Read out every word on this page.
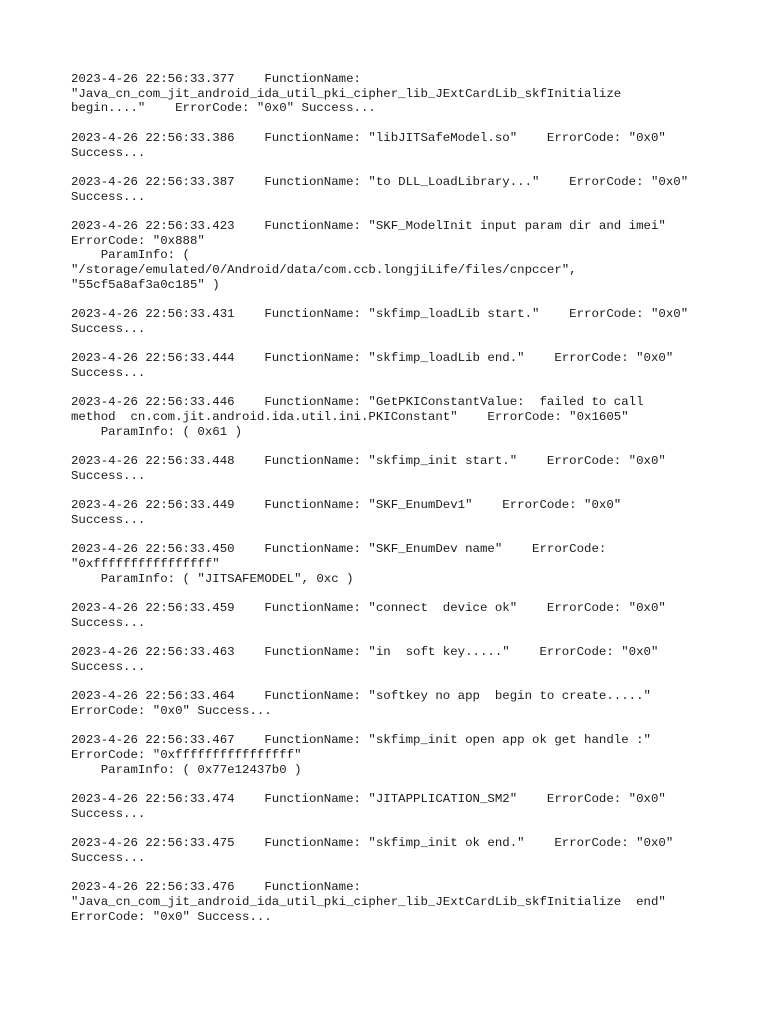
2023-4-26 22:56:33.377    FunctionName:
"Java_cn_com_jit_android_ida_util_pki_cipher_lib_JExtCardLib_skfInitialize
begin...."    ErrorCode: "0x0" Success...
2023-4-26 22:56:33.386    FunctionName: "libJITSafeModel.so"    ErrorCode: "0x0"
Success...
2023-4-26 22:56:33.387    FunctionName: "to DLL_LoadLibrary..."    ErrorCode: "0x0"
Success...
2023-4-26 22:56:33.423    FunctionName: "SKF_ModelInit input param dir and imei"
ErrorCode: "0x888"
ParamInfo: (
"/storage/emulated/0/Android/data/com.ccb.longjiLife/files/cnpccer",
"55cf5a8af3a0c185" )
2023-4-26 22:56:33.431    FunctionName: "skfimp_loadLib start."    ErrorCode: "0x0"
Success...
2023-4-26 22:56:33.444    FunctionName: "skfimp_loadLib end."    ErrorCode: "0x0"
Success...
2023-4-26 22:56:33.446    FunctionName: "GetPKIConstantValue:  failed to call
method  cn.com.jit.android.ida.util.ini.PKIConstant"    ErrorCode: "0x1605"
ParamInfo: ( 0x61 )
2023-4-26 22:56:33.448    FunctionName: "skfimp_init start."    ErrorCode: "0x0"
Success...
2023-4-26 22:56:33.449    FunctionName: "SKF_EnumDev1"    ErrorCode: "0x0"
Success...
2023-4-26 22:56:33.450    FunctionName: "SKF_EnumDev name"    ErrorCode:
"0xffffffffffffffff"
ParamInfo: ( "JITSAFEMODEL", 0xc )
2023-4-26 22:56:33.459    FunctionName: "connect  device ok"    ErrorCode: "0x0"
Success...
2023-4-26 22:56:33.463    FunctionName: "in  soft key....."    ErrorCode: "0x0"
Success...
2023-4-26 22:56:33.464    FunctionName: "softkey no app  begin to create....."
ErrorCode: "0x0" Success...
2023-4-26 22:56:33.467    FunctionName: "skfimp_init open app ok get handle :"
ErrorCode: "0xffffffffffffffff"
ParamInfo: ( 0x77e12437b0 )
2023-4-26 22:56:33.474    FunctionName: "JITAPPLICATION_SM2"    ErrorCode: "0x0"
Success...
2023-4-26 22:56:33.475    FunctionName: "skfimp_init ok end."    ErrorCode: "0x0"
Success...
2023-4-26 22:56:33.476    FunctionName:
"Java_cn_com_jit_android_ida_util_pki_cipher_lib_JExtCardLib_skfInitialize  end"
ErrorCode: "0x0" Success...
